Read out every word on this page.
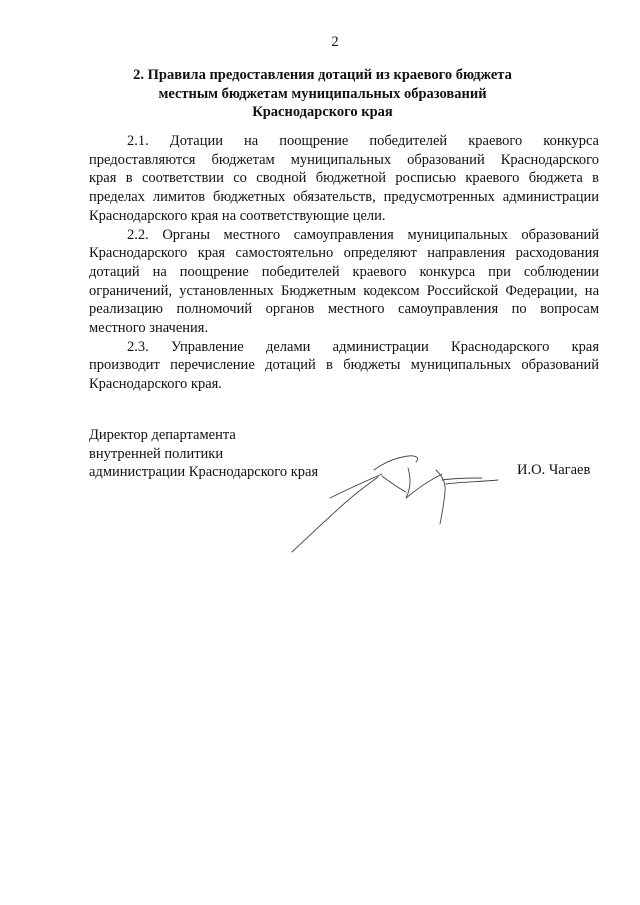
2
2. Правила предоставления дотаций из краевого бюджета
местным бюджетам муниципальных образований
Краснодарского края

2.1. Дотации на поощрение победителей краевого конкурса
предоставляются бюджетам муниципальных образований Краснодарского
края в соответствии со сводной бюджетной росписью краевого бюджета в
пределах лимитов бюджетных обязательств, предусмотренных администрации
Краснодарского края на соответствующие цели.

2.2. Органы местного самоуправления муниципальных образований
Краснодарского края самостоятельно определяют направления расходования
дотаций на поощрение победителей краевого конкурса при соблюдении
ограничений, установленных Бюджетным кодексом Российской Федерации, на
реализацию полномочий органов местного самоуправления по вопросам
местного значения.

2.3. Управление делами администрации Краснодарского края
производит перечисление дотаций в бюджеты муниципальных образований
Краснодарского края.

Директор департамента
внутренней политики
администрации Краснодарского края	И.О. Чагаев
